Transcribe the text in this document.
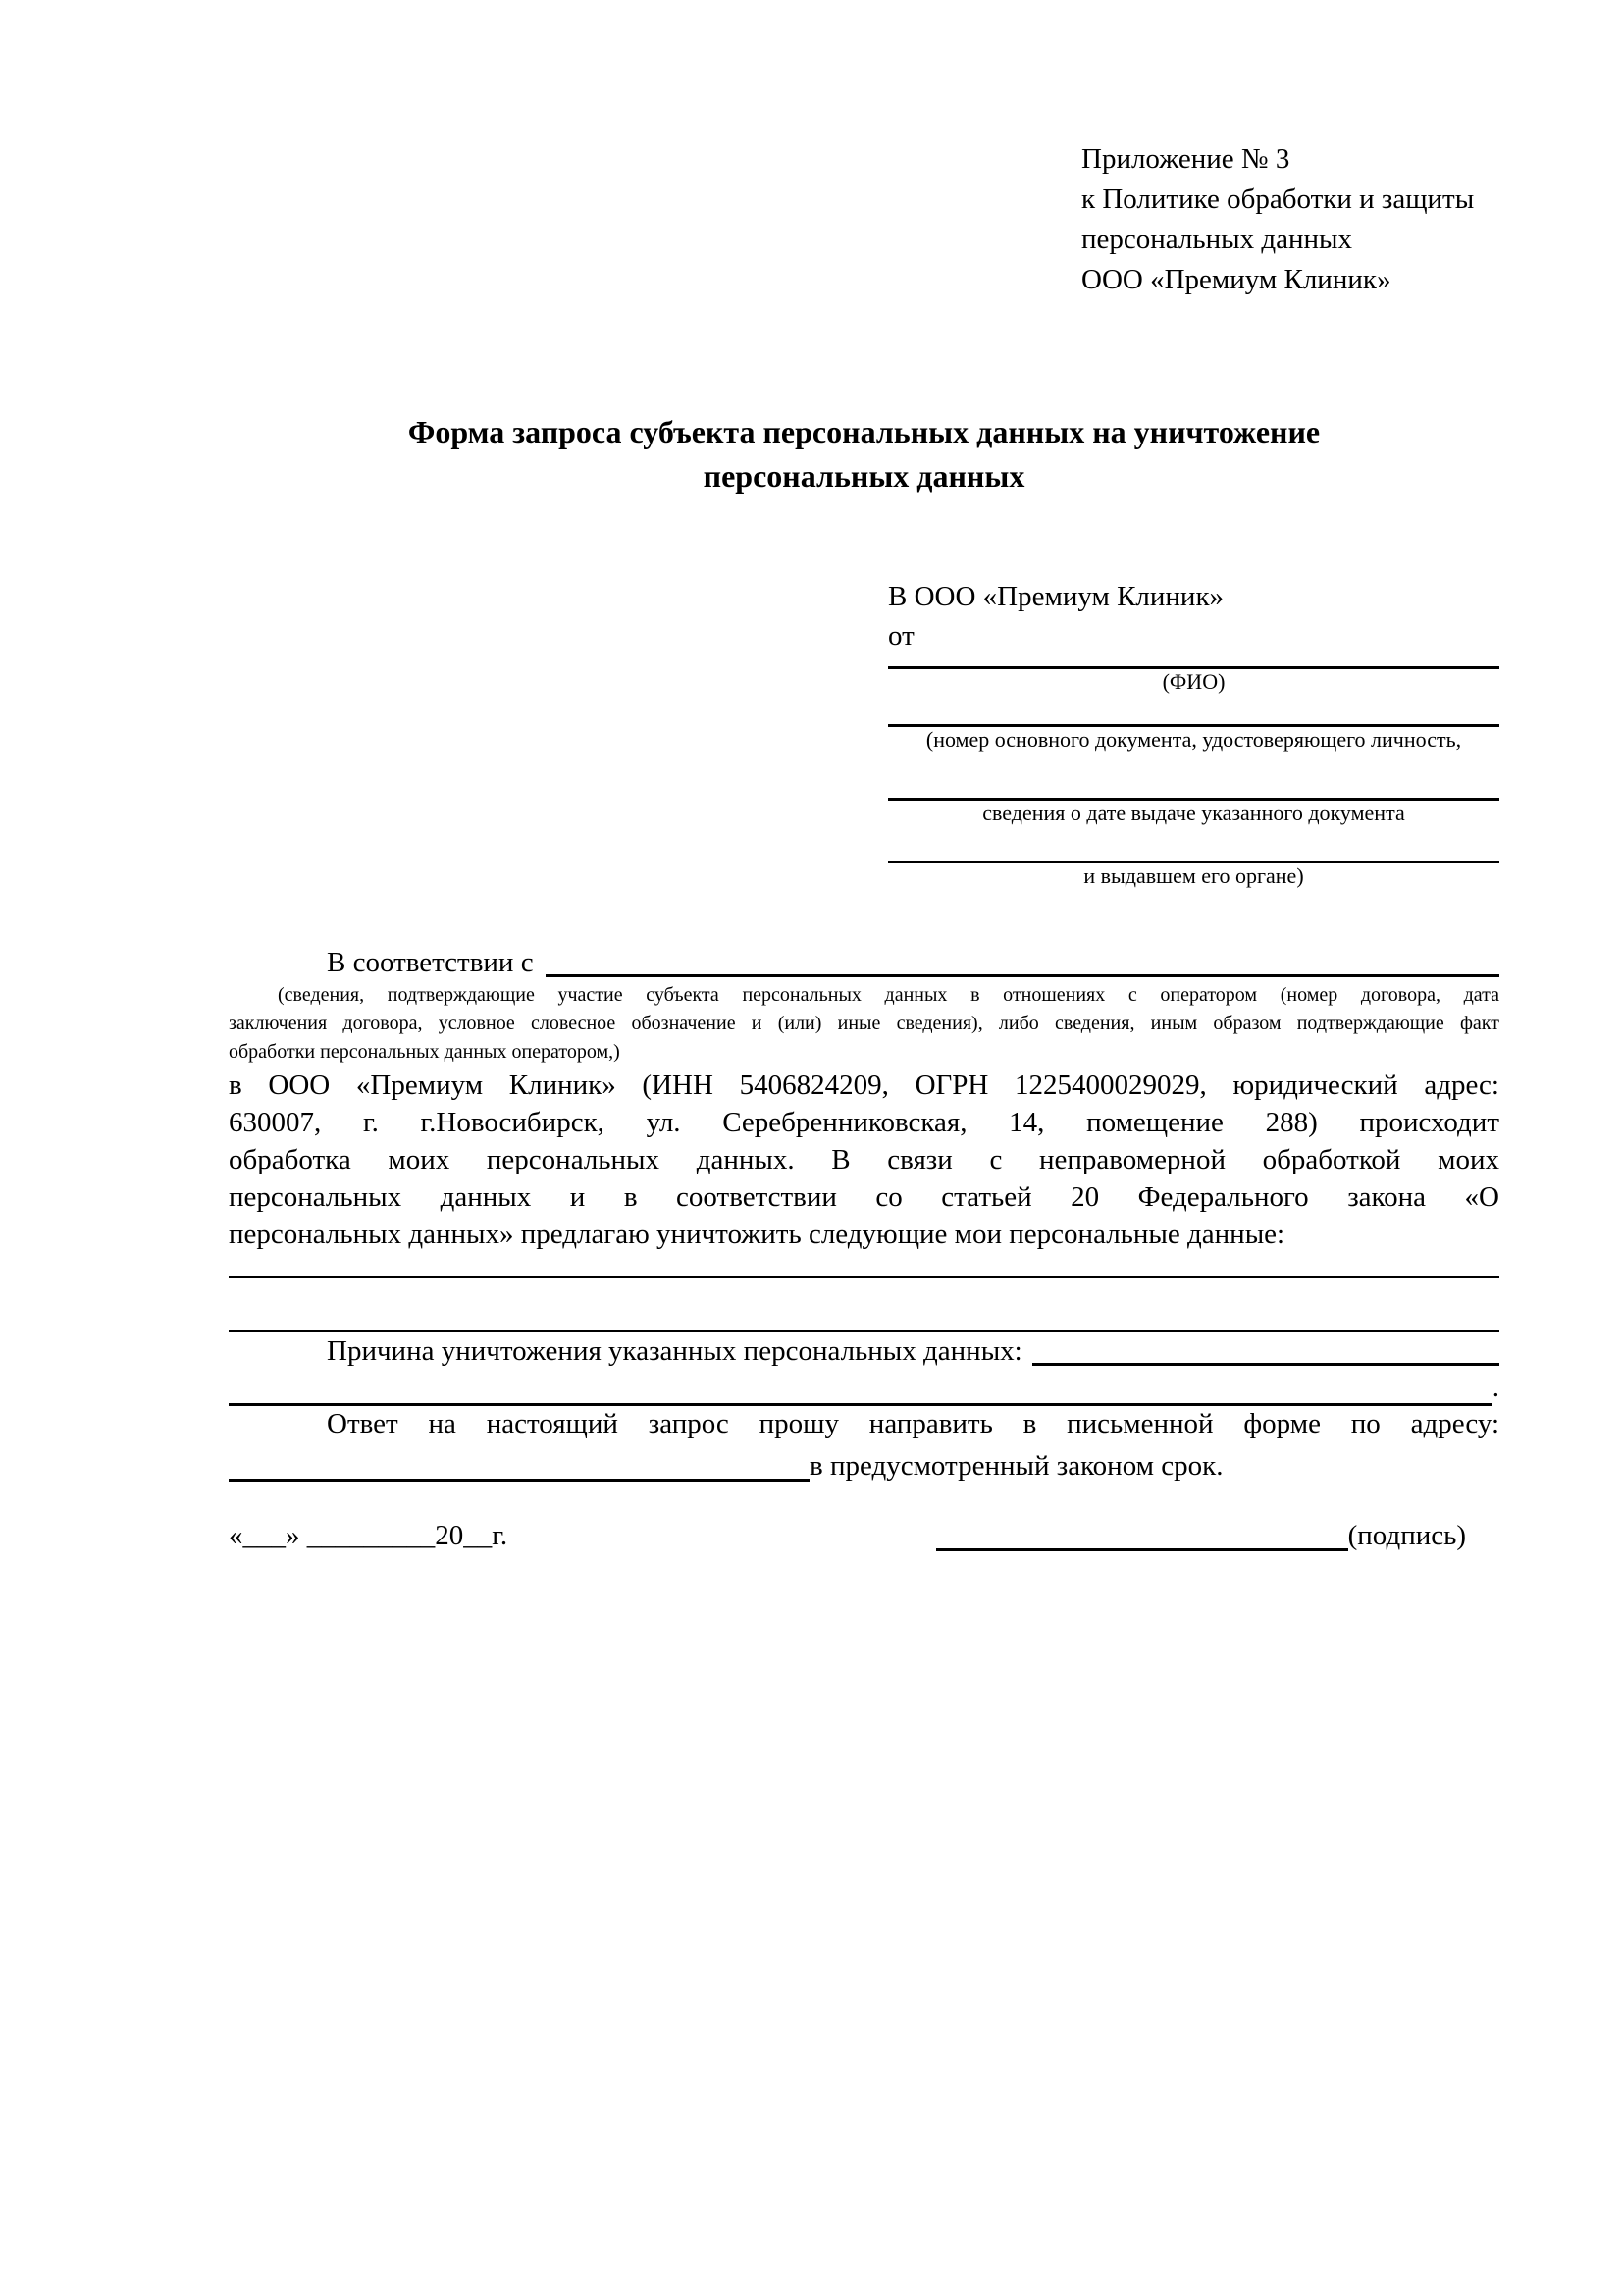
Приложение № 3
к Политике обработки и защиты
персональных данных
ООО «Премиум Клиник»
Форма запроса субъекта персональных данных на уничтожение
персональных данных
В ООО «Премиум Клиник»
от
(ФИО)
(номер основного документа, удостоверяющего личность,
сведения о дате выдаче указанного документа
и выдавшем его органе)
В соответствии с
(сведения, подтверждающие участие субъекта персональных данных в отношениях с оператором (номер договора, дата
заключения договора, условное словесное обозначение и (или) иные сведения), либо сведения, иным образом подтверждающие факт
обработки персональных данных оператором,)
в ООО «Премиум Клиник» (ИНН 5406824209, ОГРН 1225400029029, юридический адрес:
630007, г. г.Новосибирск, ул. Серебренниковская, 14, помещение 288) происходит
обработка моих персональных данных. В связи с неправомерной обработкой моих
персональных данных и в соответствии со статьей 20 Федерального закона «О
персональных данных» предлагаю уничтожить следующие мои персональные данные:
Причина уничтожения указанных персональных данных:
.
Ответ на настоящий запрос прошу направить в письменной форме по адресу:
в предусмотренный законом срок.
«___» _________20__г.	(подпись)
